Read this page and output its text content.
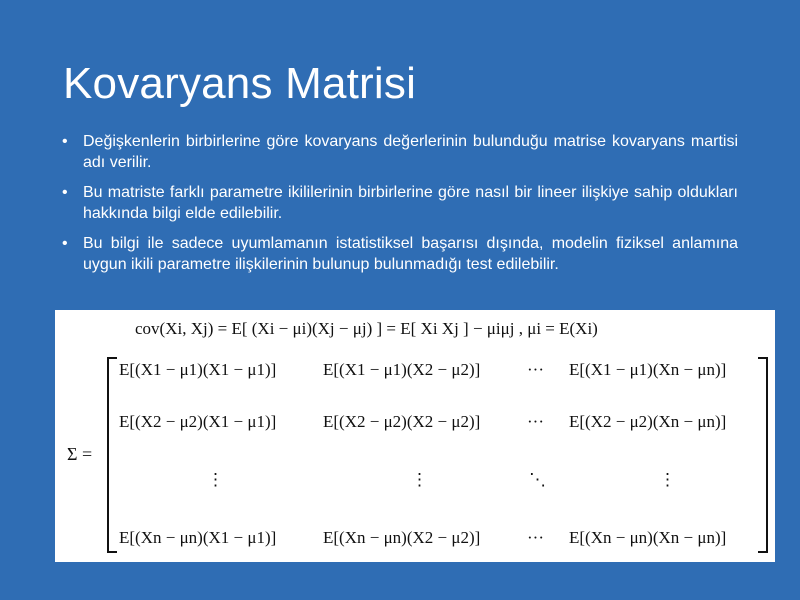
Kovaryans Matrisi
• Değişkenlerin birbirlerine göre kovaryans değerlerinin bulunduğu matrise kovaryans martisi adı verilir.
• Bu matriste farklı parametre ikililerinin birbirlerine göre nasıl bir lineer ilişkiye sahip oldukları hakkında bilgi elde edilebilir.
• Bu bilgi ile sadece uyumlamanın istatistiksel başarısı dışında, modelin fiziksel anlamına uygun ikili parametre ilişkilerinin bulunup bulunmadığı test edilebilir.
cov(Xi, Xj) = E[ (Xi − μi)(Xj − μj) ] = E[ Xi Xj ] − μiμj , μi = E(Xi)
Σ =
E[(X1 − μ1)(X1 − μ1)]	E[(X1 − μ1)(X2 − μ2)]	··· E[(X1 − μ1)(Xn − μn)]
E[(X2 − μ2)(X1 − μ1)]	E[(X2 − μ2)(X2 − μ2)]	··· E[(X2 − μ2)(Xn − μn)]
⋮	⋮	⋱	⋮
E[(Xn − μn)(X1 − μ1)]	E[(Xn − μn)(X2 − μ2)]	··· E[(Xn − μn)(Xn − μn)]
